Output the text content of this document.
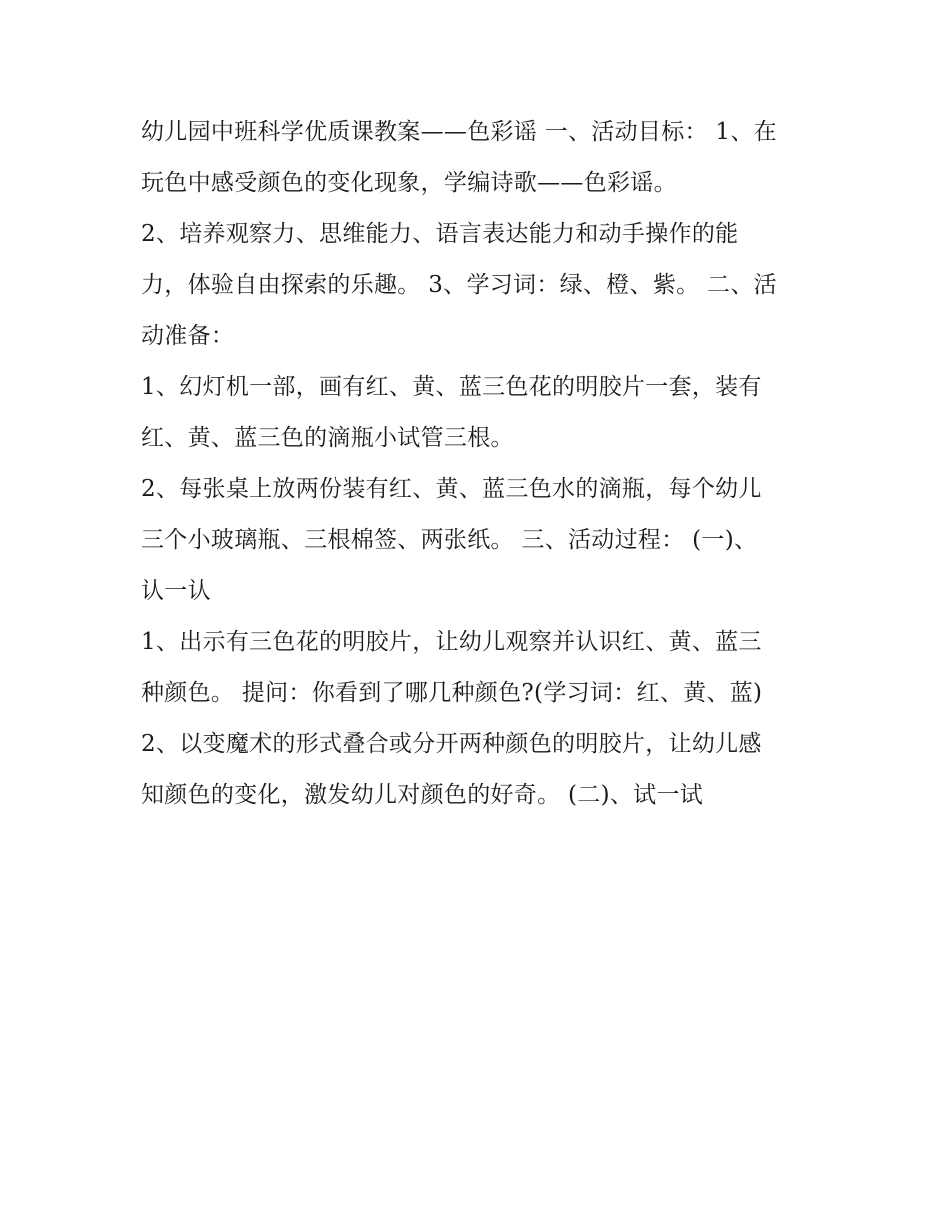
幼儿园中班科学优质课教案——色彩谣 一、活动目标： 1、在
玩色中感受颜色的变化现象，学编诗歌——色彩谣。
2、培养观察力、思维能力、语言表达能力和动手操作的能
力，体验自由探索的乐趣。 3、学习词：绿、橙、紫。 二、活
动准备：
1、幻灯机一部，画有红、黄、蓝三色花的明胶片一套，装有
红、黄、蓝三色的滴瓶小试管三根。
2、每张桌上放两份装有红、黄、蓝三色水的滴瓶，每个幼儿
三个小玻璃瓶、三根棉签、两张纸。 三、活动过程： (一)、
认一认
1、出示有三色花的明胶片，让幼儿观察并认识红、黄、蓝三
种颜色。 提问：你看到了哪几种颜色?(学习词：红、黄、蓝)
2、以变魔术的形式叠合或分开两种颜色的明胶片，让幼儿感
知颜色的变化，激发幼儿对颜色的好奇。 (二)、试一试
